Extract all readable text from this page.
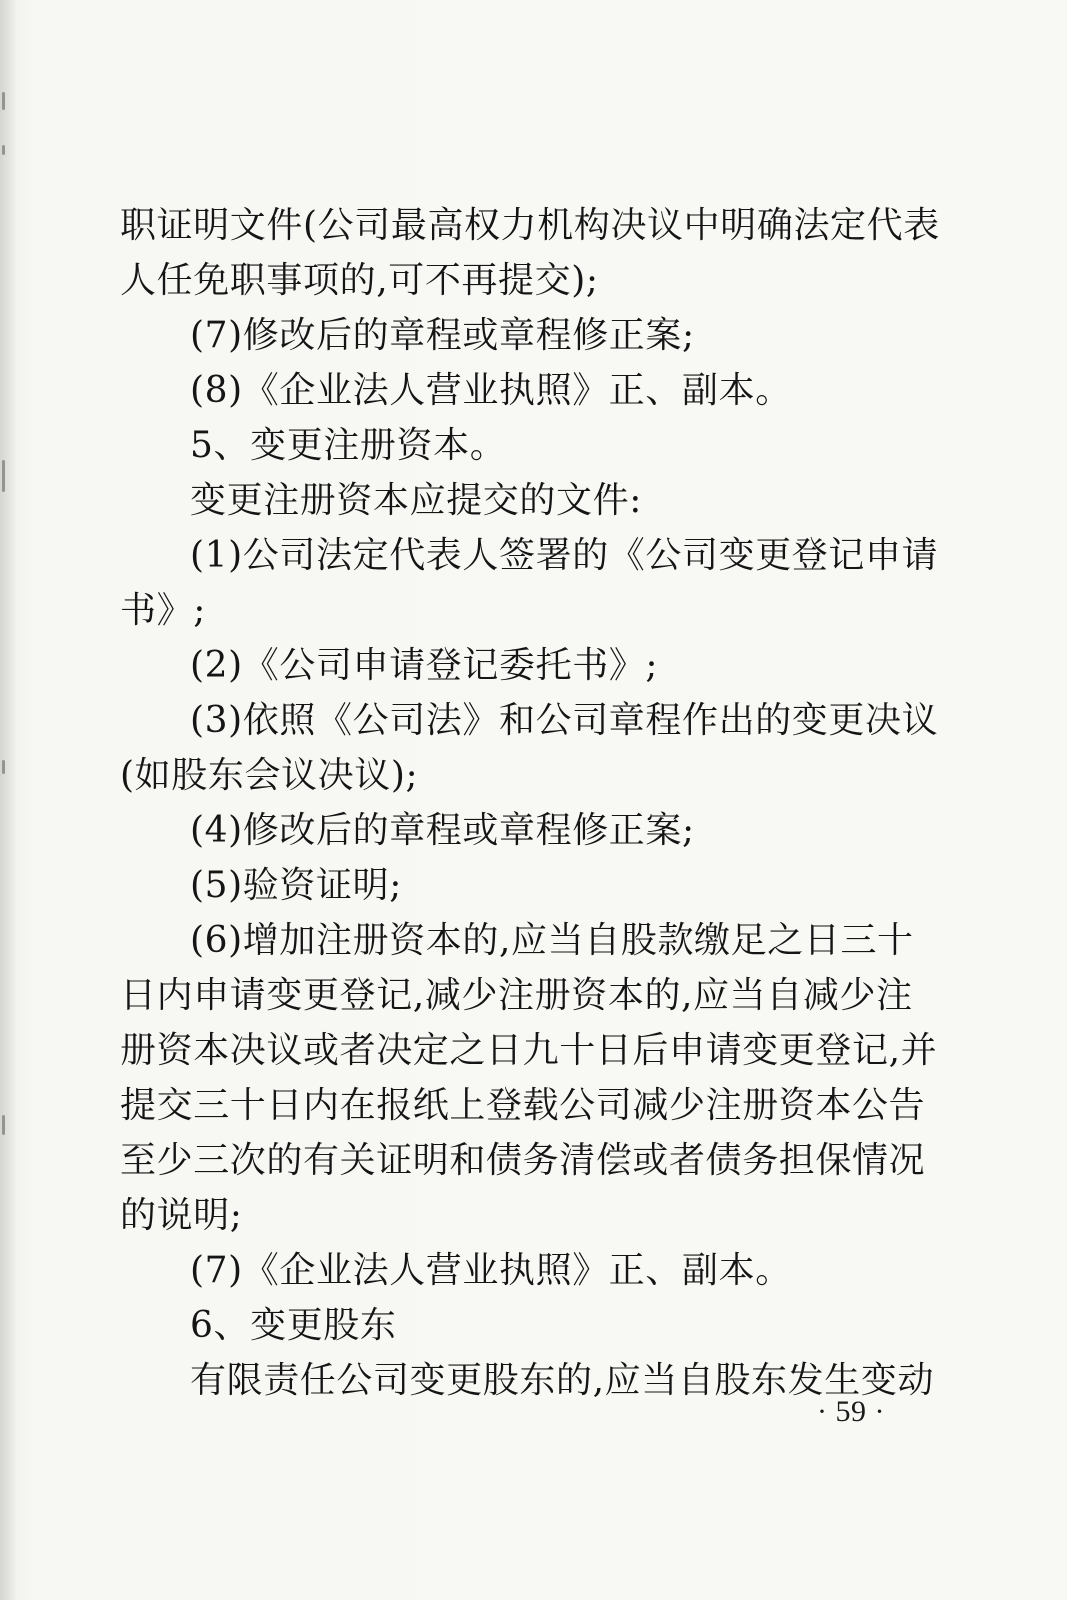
职证明文件(公司最高权力机构决议中明确法定代表
人任免职事项的,可不再提交);
(7)修改后的章程或章程修正案;
(8)《企业法人营业执照》正、副本。
5、变更注册资本。
变更注册资本应提交的文件:
(1)公司法定代表人签署的《公司变更登记申请
书》;
(2)《公司申请登记委托书》;
(3)依照《公司法》和公司章程作出的变更决议
(如股东会议决议);
(4)修改后的章程或章程修正案;
(5)验资证明;
(6)增加注册资本的,应当自股款缴足之日三十
日内申请变更登记,减少注册资本的,应当自减少注
册资本决议或者决定之日九十日后申请变更登记,并
提交三十日内在报纸上登载公司减少注册资本公告
至少三次的有关证明和债务清偿或者债务担保情况
的说明;
(7)《企业法人营业执照》正、副本。
6、变更股东
有限责任公司变更股东的,应当自股东发生变动
· 59 ·
